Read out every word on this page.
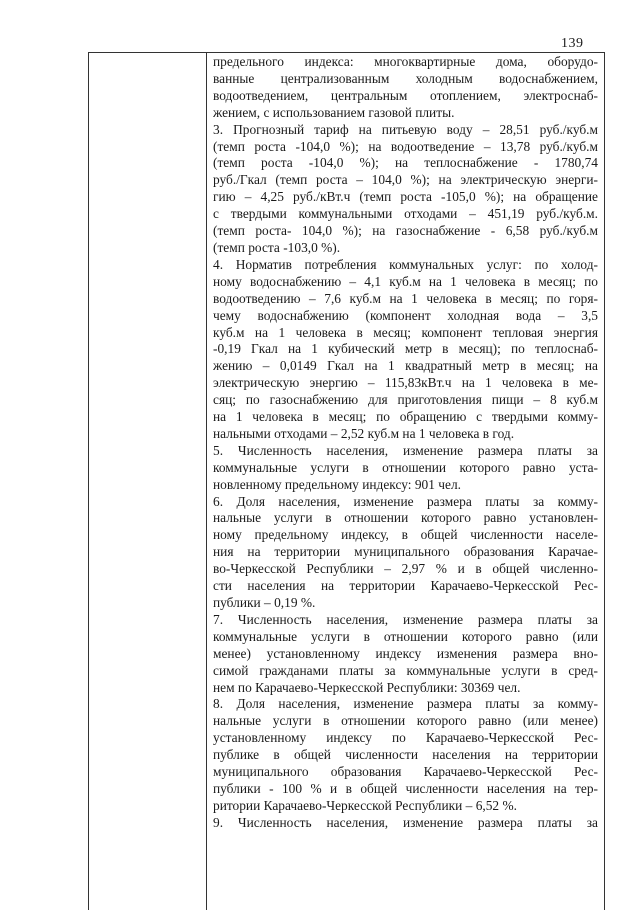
139
предельного индекса: многоквартирные дома, оборудо-
ванные централизованным холодным водоснабжением,
водоотведением, центральным отоплением, электроснаб-
жением, с использованием газовой плиты.
3. Прогнозный тариф на питьевую воду – 28,51 руб./куб.м
(темп роста -104,0 %); на водоотведение – 13,78 руб./куб.м
(темп роста -104,0 %); на теплоснабжение - 1780,74
руб./Гкал (темп роста – 104,0 %); на электрическую энерги-
гию – 4,25 руб./кВт.ч (темп роста -105,0 %); на обращение
с твердыми коммунальными отходами – 451,19 руб./куб.м.
(темп роста- 104,0 %); на газоснабжение - 6,58 руб./куб.м
(темп роста -103,0 %).
4. Норматив потребления коммунальных услуг: по холод-
ному водоснабжению – 4,1 куб.м на 1 человека в месяц; по
водоотведению – 7,6 куб.м на 1 человека в месяц; по горя-
чему водоснабжению (компонент холодная вода – 3,5
куб.м на 1 человека в месяц; компонент тепловая энергия
-0,19 Гкал на 1 кубический метр в месяц); по теплоснаб-
жению – 0,0149 Гкал на 1 квадратный метр в месяц; на
электрическую энергию – 115,83кВт.ч на 1 человека в ме-
сяц; по газоснабжению для приготовления пищи – 8 куб.м
на 1 человека в месяц; по обращению с твердыми комму-
нальными отходами – 2,52 куб.м на 1 человека в год.
5. Численность населения, изменение размера платы за
коммунальные услуги в отношении которого равно уста-
новленному предельному индексу: 901 чел.
6. Доля населения, изменение размера платы за комму-
нальные услуги в отношении которого равно установлен-
ному предельному индексу, в общей численности населе-
ния на территории муниципального образования Карачае-
во-Черкесской Республики – 2,97 % и в общей численно-
сти населения на территории Карачаево-Черкесской Рес-
публики – 0,19 %.
7. Численность населения, изменение размера платы за
коммунальные услуги в отношении которого равно (или
менее) установленному индексу изменения размера вно-
симой гражданами платы за коммунальные услуги в сред-
нем по Карачаево-Черкесской Республики: 30369 чел.
8. Доля населения, изменение размера платы за комму-
нальные услуги в отношении которого равно (или менее)
установленному индексу по Карачаево-Черкесской Рес-
публике в общей численности населения на территории
муниципального образования Карачаево-Черкесской Рес-
публики - 100 % и в общей численности населения на тер-
ритории Карачаево-Черкесской Республики – 6,52 %.
9. Численность населения, изменение размера платы за
